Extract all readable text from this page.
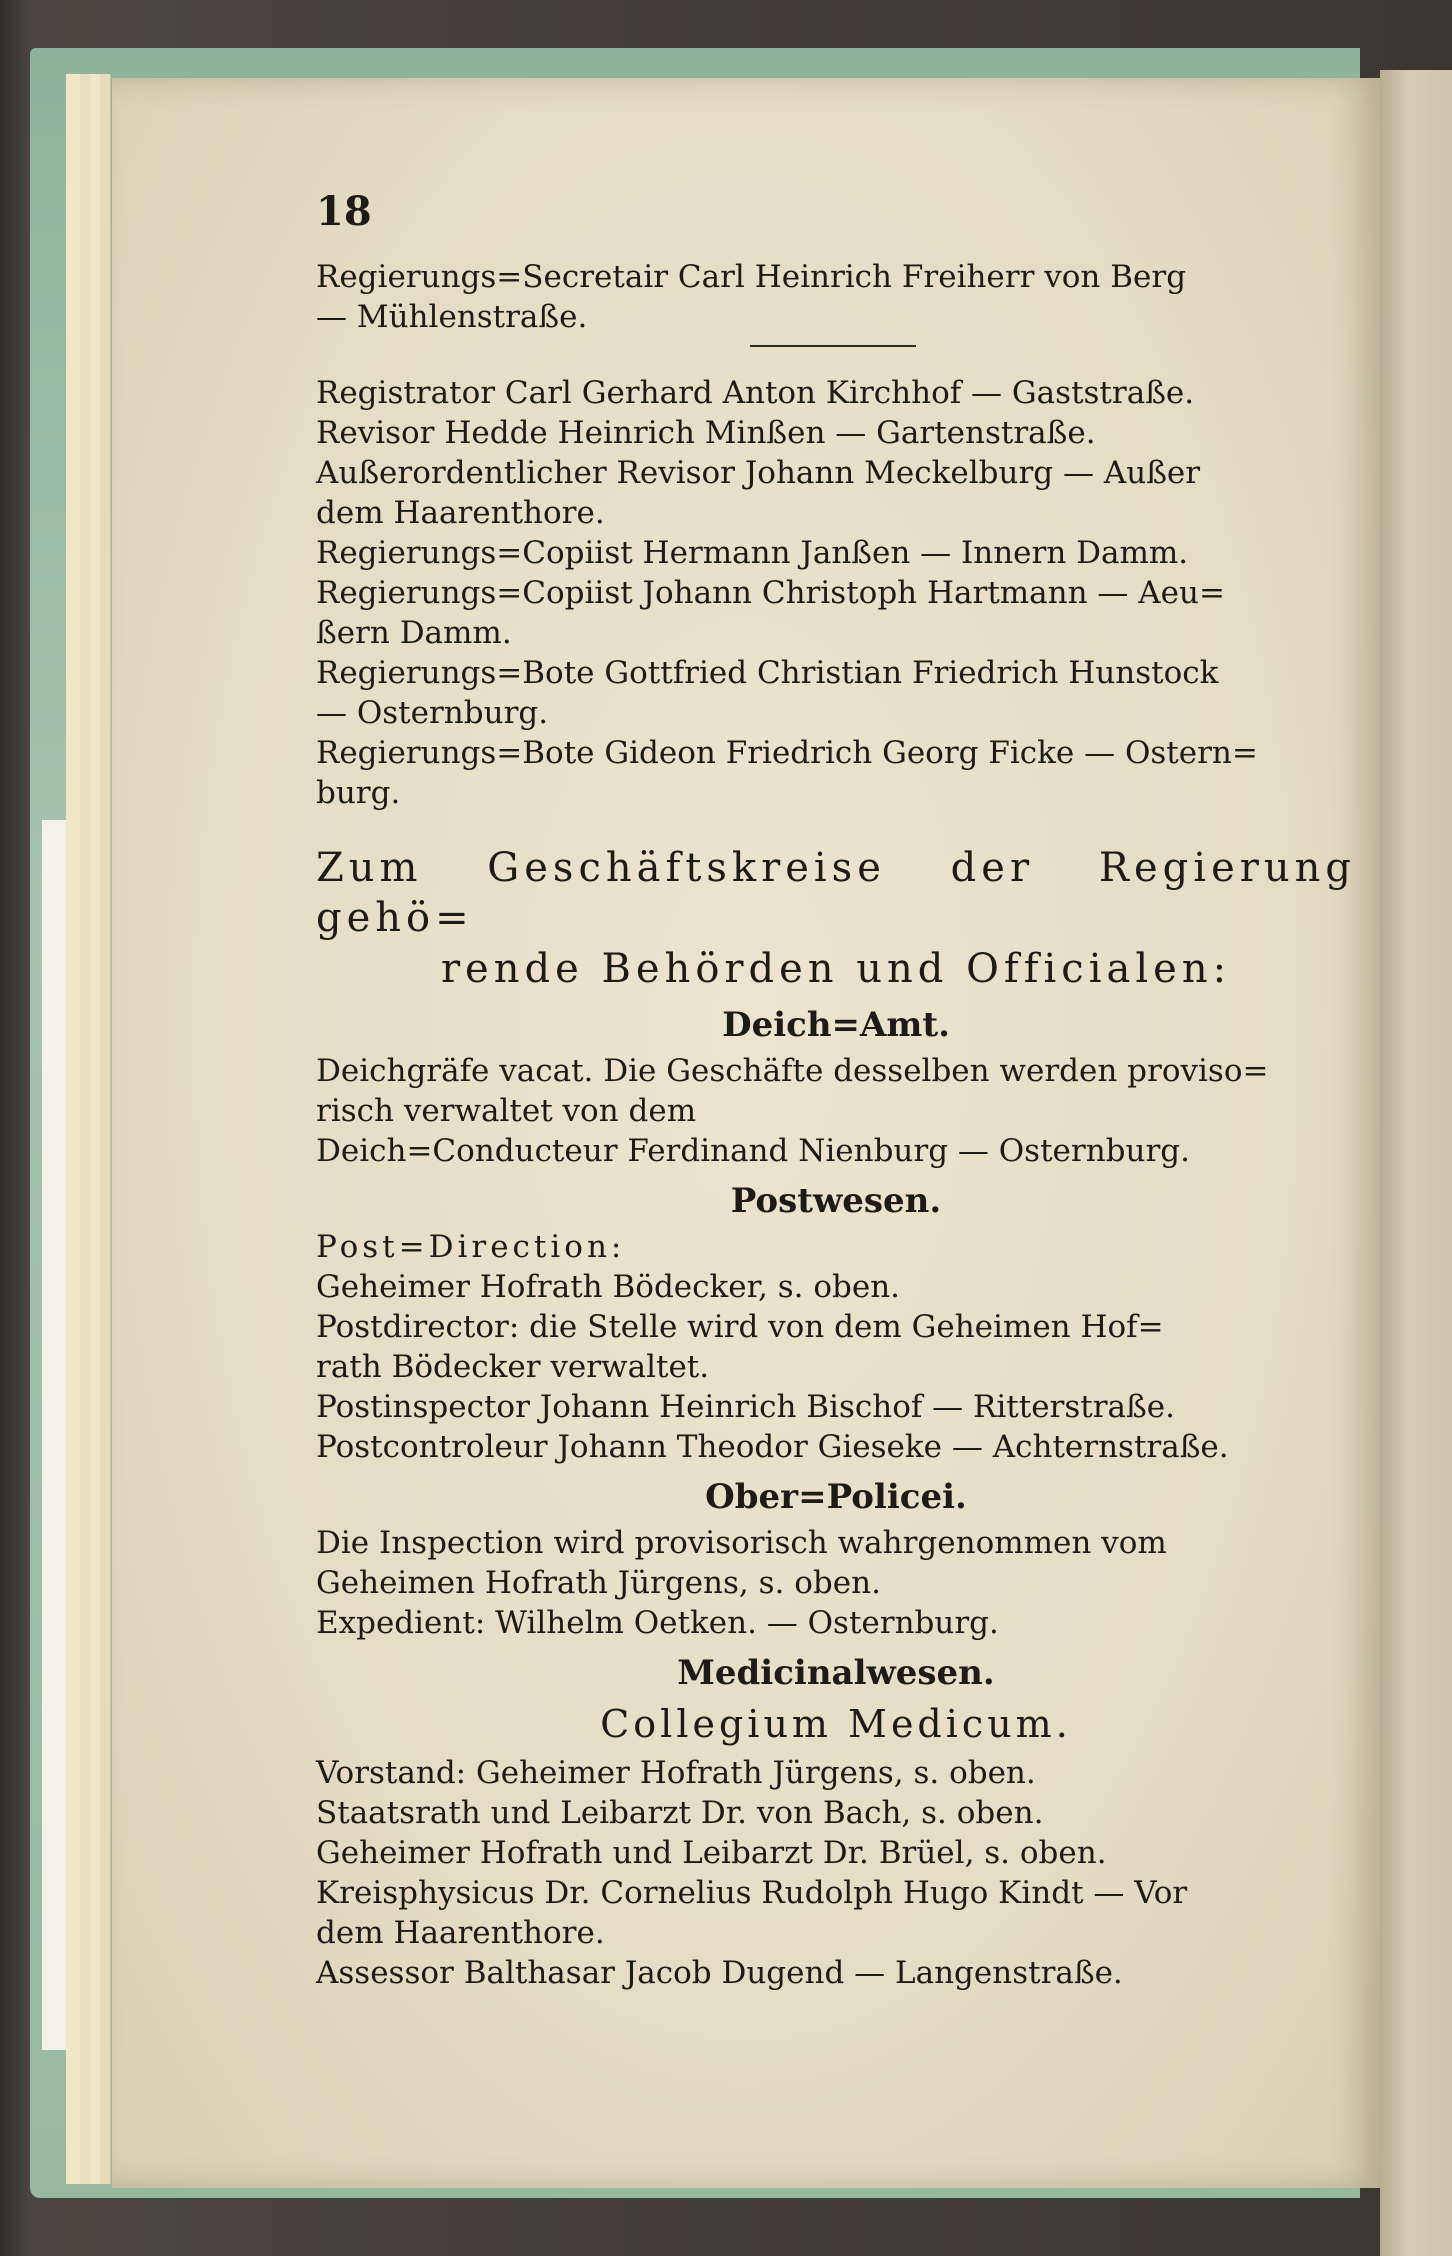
18

Regierungs=Secretair Carl Heinrich Freiherr von Berg

— Mühlenstraße.

Registrator Carl Gerhard Anton Kirchhof — Gaststraße.

Revisor Hedde Heinrich Minßen — Gartenstraße.

Außerordentlicher Revisor Johann Meckelburg — Außer

dem Haarenthore.

Regierungs=Copiist Hermann Janßen — Innern Damm.

Regierungs=Copiist Johann Christoph Hartmann — Aeu=

ßern Damm.

Regierungs=Bote Gottfried Christian Friedrich Hunstock

— Osternburg.

Regierungs=Bote Gideon Friedrich Georg Ficke — Ostern=

burg.

Zum Geschäftskreise der Regierung gehö=

rende Behörden und Officialen:

Deich=Amt.

Deichgräfe vacat. Die Geschäfte desselben werden proviso=

risch verwaltet von dem

Deich=Conducteur Ferdinand Nienburg — Osternburg.

Postwesen.

Post=Direction:

Geheimer Hofrath Bödecker, s. oben.

Postdirector: die Stelle wird von dem Geheimen Hof=

rath Bödecker verwaltet.

Postinspector Johann Heinrich Bischof — Ritterstraße.

Postcontroleur Johann Theodor Gieseke — Achternstraße.

Ober=Policei.

Die Inspection wird provisorisch wahrgenommen vom

Geheimen Hofrath Jürgens, s. oben.

Expedient: Wilhelm Oetken. — Osternburg.

Medicinalwesen.
Collegium Medicum.

Vorstand: Geheimer Hofrath Jürgens, s. oben.

Staatsrath und Leibarzt Dr. von Bach, s. oben.

Geheimer Hofrath und Leibarzt Dr. Brüel, s. oben.

Kreisphysicus Dr. Cornelius Rudolph Hugo Kindt — Vor

dem Haarenthore.

Assessor Balthasar Jacob Dugend — Langenstraße.
